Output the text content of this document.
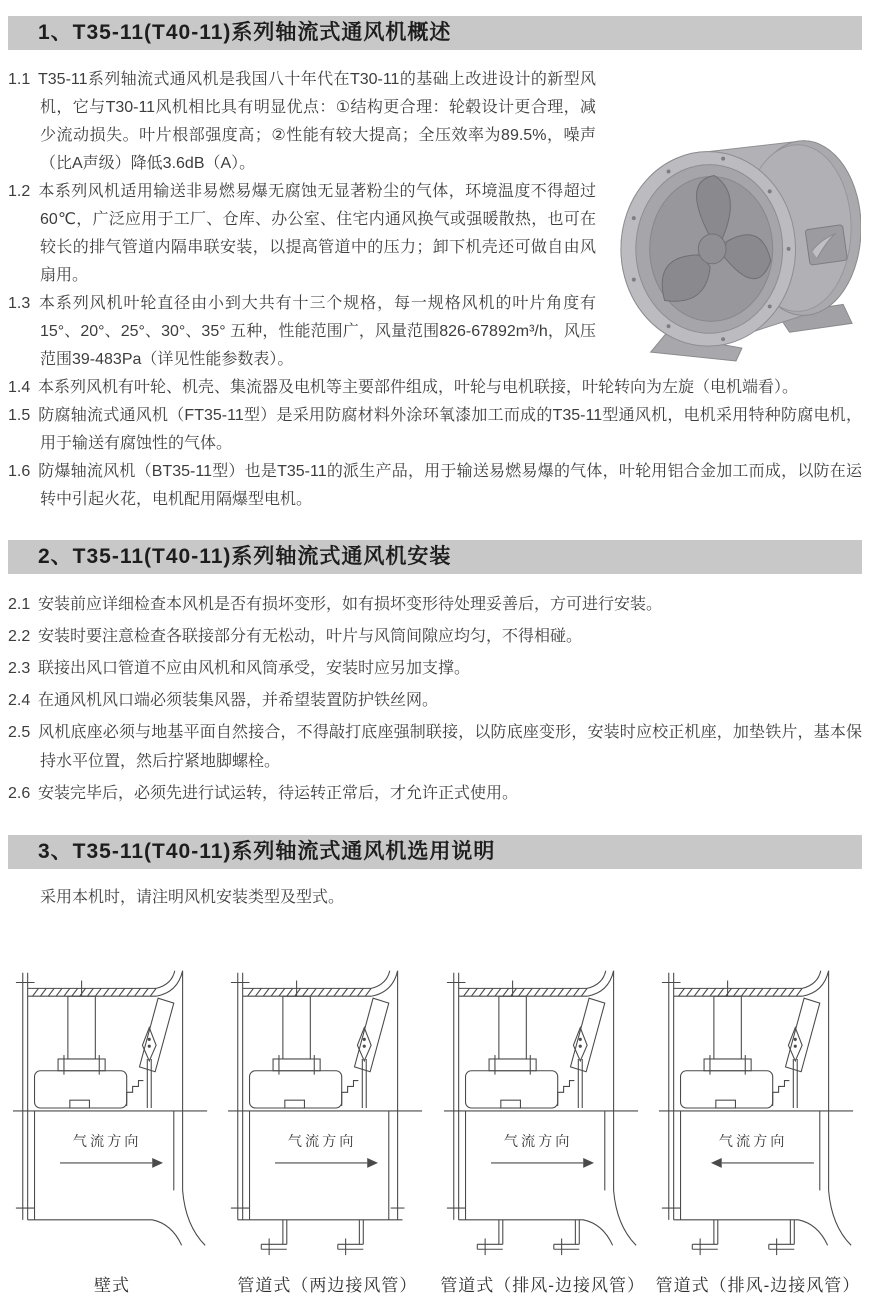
1、T35-11(T40-11)系列轴流式通风机概述

1.1 T35-11系列轴流式通风机是我国八十年代在T30-11的基础上改进设计的新型风机，它与T30-11风机相比具有明显优点：①结构更合理：轮毂设计更合理，减少流动损失。叶片根部强度高；②性能有较大提高；全压效率为89.5%，噪声（比A声级）降低3.6dB（A）。

1.2 本系列风机适用输送非易燃易爆无腐蚀无显著粉尘的气体，环境温度不得超过60℃，广泛应用于工厂、仓库、办公室、住宅内通风换气或强暖散热，也可在较长的排气管道内隔串联安装，以提高管道中的压力；卸下机壳还可做自由风扇用。

1.3 本系列风机叶轮直径由小到大共有十三个规格，每一规格风机的叶片角度有15°、20°、25°、30°、35° 五种，性能范围广，风量范围826-67892m³/h，风压范围39-483Pa（详见性能参数表）。

1.4 本系列风机有叶轮、机壳、集流器及电机等主要部件组成，叶轮与电机联接，叶轮转向为左旋（电机端看）。

1.5 防腐轴流式通风机（FT35-11型）是采用防腐材料外涂环氧漆加工而成的T35-11型通风机，电机采用特种防腐电机，用于输送有腐蚀性的气体。

1.6 防爆轴流风机（BT35-11型）也是T35-11的派生产品，用于输送易燃易爆的气体，叶轮用铝合金加工而成，以防在运转中引起火花，电机配用隔爆型电机。

2、T35-11(T40-11)系列轴流式通风机安装

2.1 安装前应详细检查本风机是否有损坏变形，如有损坏变形待处理妥善后，方可进行安装。

2.2 安装时要注意检查各联接部分有无松动，叶片与风筒间隙应均匀，不得相碰。

2.3 联接出风口管道不应由风机和风筒承受，安装时应另加支撑。

2.4 在通风机风口端必须装集风器，并希望装置防护铁丝网。

2.5 风机底座必须与地基平面自然接合，不得敲打底座强制联接，以防底座变形，安装时应校正机座，加垫铁片，基本保持水平位置，然后拧紧地脚螺栓。

2.6 安装完毕后，必须先进行试运转，待运转正常后，才允许正式使用。

3、T35-11(T40-11)系列轴流式通风机选用说明

采用本机时，请注明风机安装类型及型式。

气流方向
壁式
气流方向
管道式（两边接风管）
气流方向
管道式（排风-边接风管）
气流方向
管道式（排风-边接风管）
